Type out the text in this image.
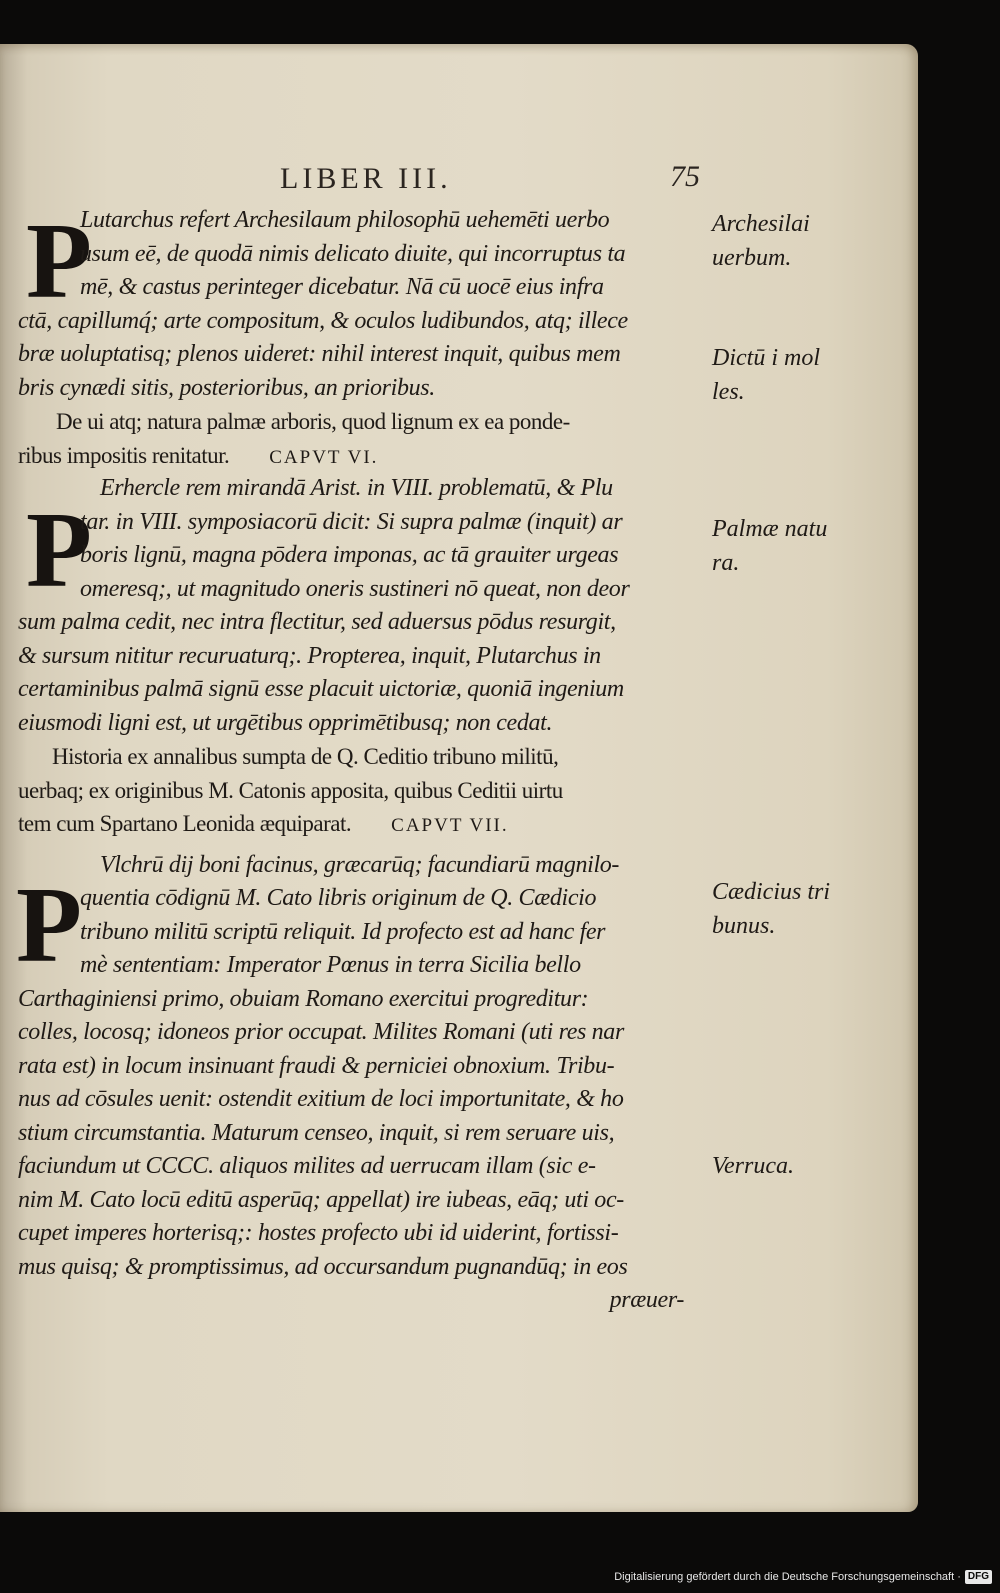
LIBER III.	75
P
P
P
Lutarchus refert Archesilaum philosophū uehemēti uerbo
usum eē, de quodā nimis delicato diuite, qui incorruptus ta
mē, & castus perinteger dicebatur. Nā cū uocē eius infra
ctā, capillumq́; arte compositum, & oculos ludibundos, atq; illece
bræ uoluptatisq; plenos uideret: nihil interest inquit, quibus mem
bris cynædi sitis, posterioribus, an prioribus.
De ui atq; natura palmæ arboris, quod lignum ex ea ponde-
ribus impositis renitatur. CAPVT VI.
Erhercle rem mirandā Arist. in VIII. problematū, & Plu
tar. in VIII. symposiacorū dicit: Si supra palmæ (inquit) ar
boris lignū, magna pōdera imponas, ac tā grauiter urgeas
omeresq;, ut magnitudo oneris sustineri nō queat, non deor
sum palma cedit, nec intra flectitur, sed aduersus pōdus resurgit,
& sursum nititur recuruaturq;. Propterea, inquit, Plutarchus in
certaminibus palmā signū esse placuit uictoriæ, quoniā ingenium
eiusmodi ligni est, ut urgētibus opprimētibusq; non cedat.
Historia ex annalibus sumpta de Q. Ceditio tribuno militū,
uerbaq; ex originibus M. Catonis apposita, quibus Ceditii uirtu
tem cum Spartano Leonida æquiparat. CAPVT VII.
Vlchrū dij boni facinus, græcarūq; facundiarū magnilo-
quentia cōdignū M. Cato libris originum de Q. Cædicio
tribuno militū scriptū reliquit. Id profecto est ad hanc fer
mè sententiam: Imperator Pœnus in terra Sicilia bello
Carthaginiensi primo, obuiam Romano exercitui progreditur:
colles, locosq; idoneos prior occupat. Milites Romani (uti res nar
rata est) in locum insinuant fraudi & perniciei obnoxium. Tribu-
nus ad cōsules uenit: ostendit exitium de loci importunitate, & ho
stium circumstantia. Maturum censeo, inquit, si rem seruare uis,
faciundum ut CCCC. aliquos milites ad uerrucam illam (sic e-
nim M. Cato locū editū asperūq; appellat) ire iubeas, eāq; uti oc-
cupet imperes horterisq;: hostes profecto ubi id uiderint, fortissi-
mus quisq; & promptissimus, ad occursandum pugnandūq; in eos
præuer-
Archesilai uerbum.
Dictū i mol les.
Palmæ natu ra.
Cædicius tri bunus.
Verruca.
Digitalisierung gefördert durch die Deutsche Forschungsgemeinschaft · DFG
